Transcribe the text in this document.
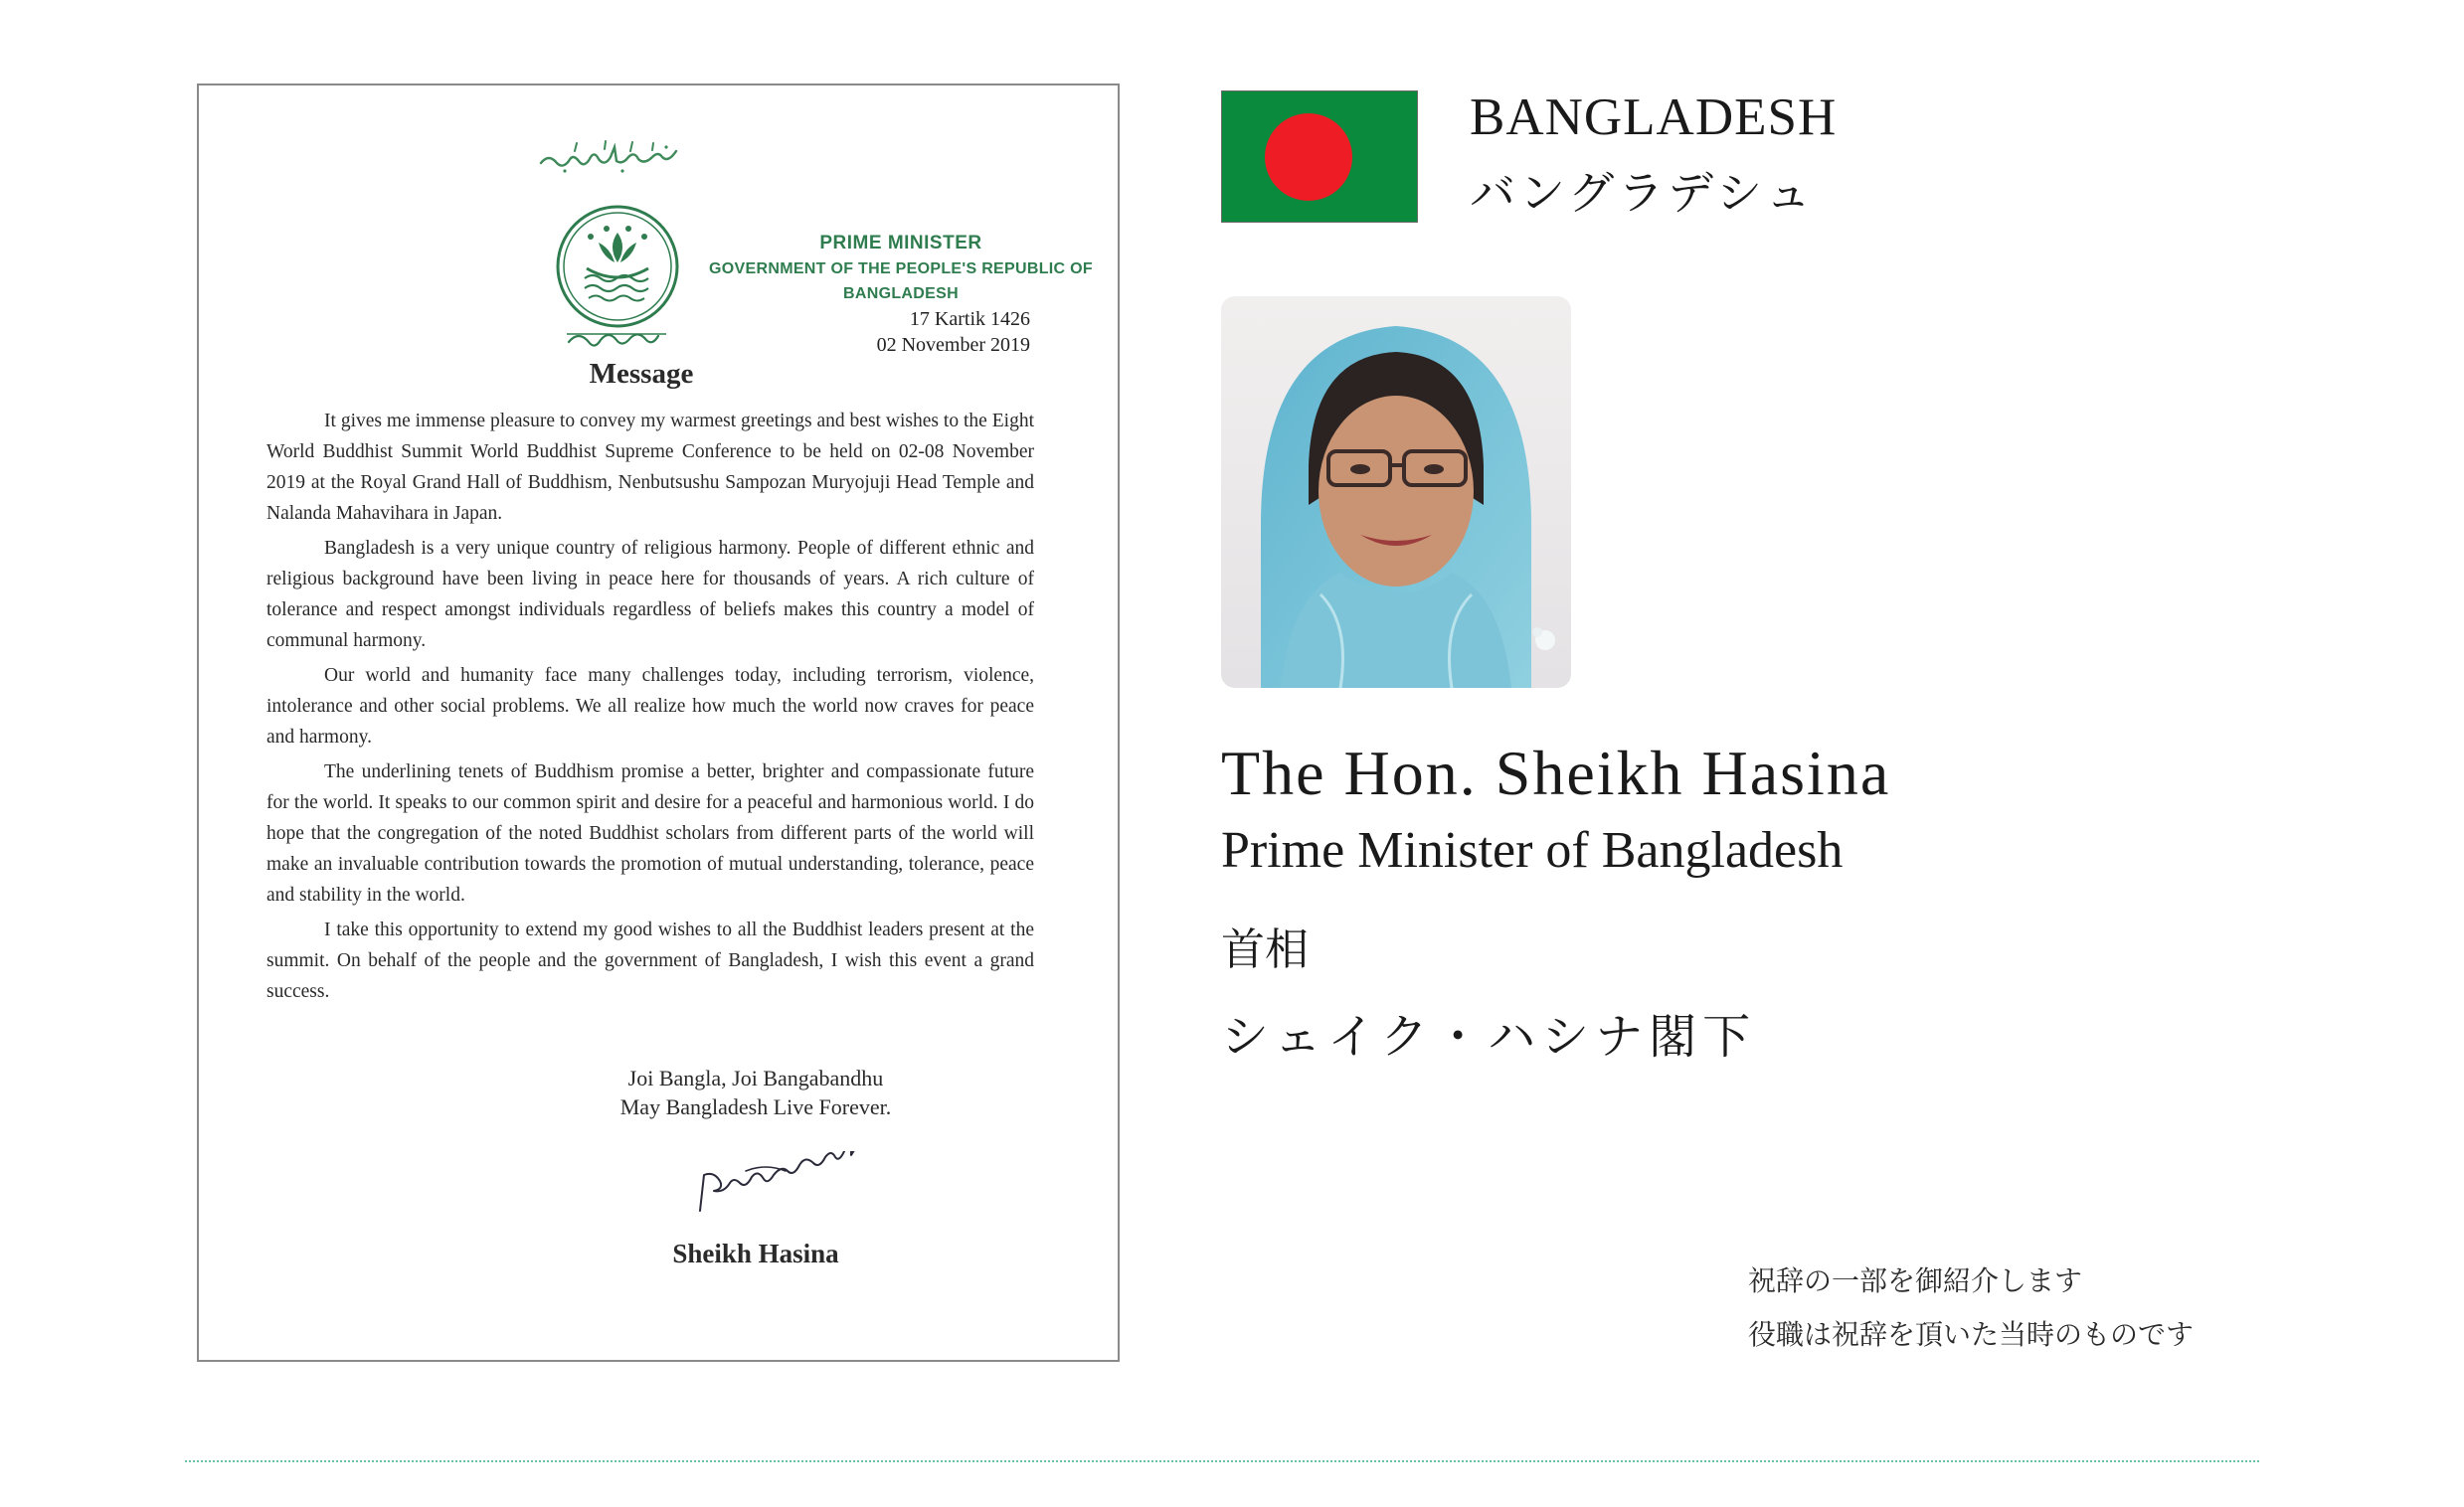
PRIME MINISTER
GOVERNMENT OF THE PEOPLE'S REPUBLIC OF
BANGLADESH
17 Kartik 1426
02 November 2019
Message

It gives me immense pleasure to convey my warmest greetings and best wishes to the Eight World Buddhist Summit World Buddhist Supreme Conference to be held on 02-08 November 2019 at the Royal Grand Hall of Buddhism, Nenbutsushu Sampozan Muryojuji Head Temple and Nalanda Mahavihara in Japan.

Bangladesh is a very unique country of religious harmony. People of different ethnic and religious background have been living in peace here for thousands of years. A rich culture of tolerance and respect amongst individuals regardless of beliefs makes this country a model of communal harmony.

Our world and humanity face many challenges today, including terrorism, violence, intolerance and other social problems. We all realize how much the world now craves for peace and harmony.

The underlining tenets of Buddhism promise a better, brighter and compassionate future for the world. It speaks to our common spirit and desire for a peaceful and harmonious world. I do hope that the congregation of the noted Buddhist scholars from different parts of the world will make an invaluable contribution towards the promotion of mutual understanding, tolerance, peace and stability in the world.

I take this opportunity to extend my good wishes to all the Buddhist leaders present at the summit. On behalf of the people and the government of Bangladesh, I wish this event a grand success.

Joi Bangla, Joi Bangabandhu
May Bangladesh Live Forever.
Sheikh Hasina
BANGLADESH
バングラデシュ
The Hon. Sheikh Hasina
Prime Minister of Bangladesh
首相
シェイク・ハシナ閣下
祝辞の一部を御紹介します
役職は祝辞を頂いた当時のものです
